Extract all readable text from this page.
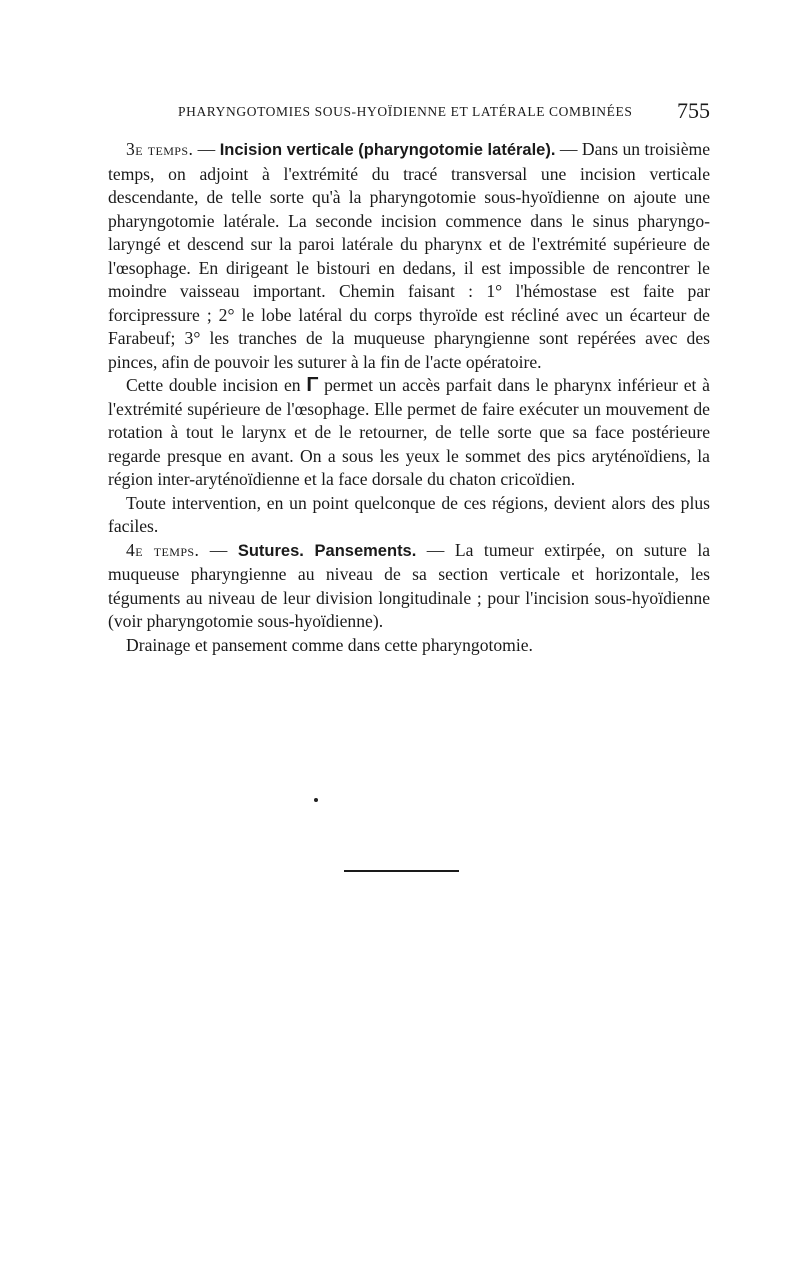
PHARYNGOTOMIES SOUS-HYOÏDIENNE ET LATÉRALE COMBINÉES 755

3e temps. — Incision verticale (pharyngotomie latérale). — Dans un troisième temps, on adjoint à l'extrémité du tracé transversal une incision verticale descendante, de telle sorte qu'à la pharyngotomie sous-hyoïdienne on ajoute une pharyngotomie latérale. La seconde incision commence dans le sinus pharyngo-laryngé et descend sur la paroi latérale du pharynx et de l'extrémité supérieure de l'œsophage. En dirigeant le bistouri en dedans, il est impossible de rencontrer le moindre vaisseau important. Chemin faisant : 1° l'hémostase est faite par forcipressure ; 2° le lobe latéral du corps thyroïde est récliné avec un écarteur de Farabeuf; 3° les tranches de la muqueuse pharyngienne sont repérées avec des pinces, afin de pouvoir les suturer à la fin de l'acte opératoire.

Cette double incision en Γ permet un accès parfait dans le pharynx inférieur et à l'extrémité supérieure de l'œsophage. Elle permet de faire exécuter un mouvement de rotation à tout le larynx et de le retourner, de telle sorte que sa face postérieure regarde presque en avant. On a sous les yeux le sommet des pics aryténoïdiens, la région inter-aryténoïdienne et la face dorsale du chaton cricoïdien.

Toute intervention, en un point quelconque de ces régions, devient alors des plus faciles.

4e temps. — Sutures. Pansements. — La tumeur extirpée, on suture la muqueuse pharyngienne au niveau de sa section verticale et horizontale, les téguments au niveau de leur division longitudinale ; pour l'incision sous-hyoïdienne (voir pharyngotomie sous-hyoïdienne).

Drainage et pansement comme dans cette pharyngotomie.
